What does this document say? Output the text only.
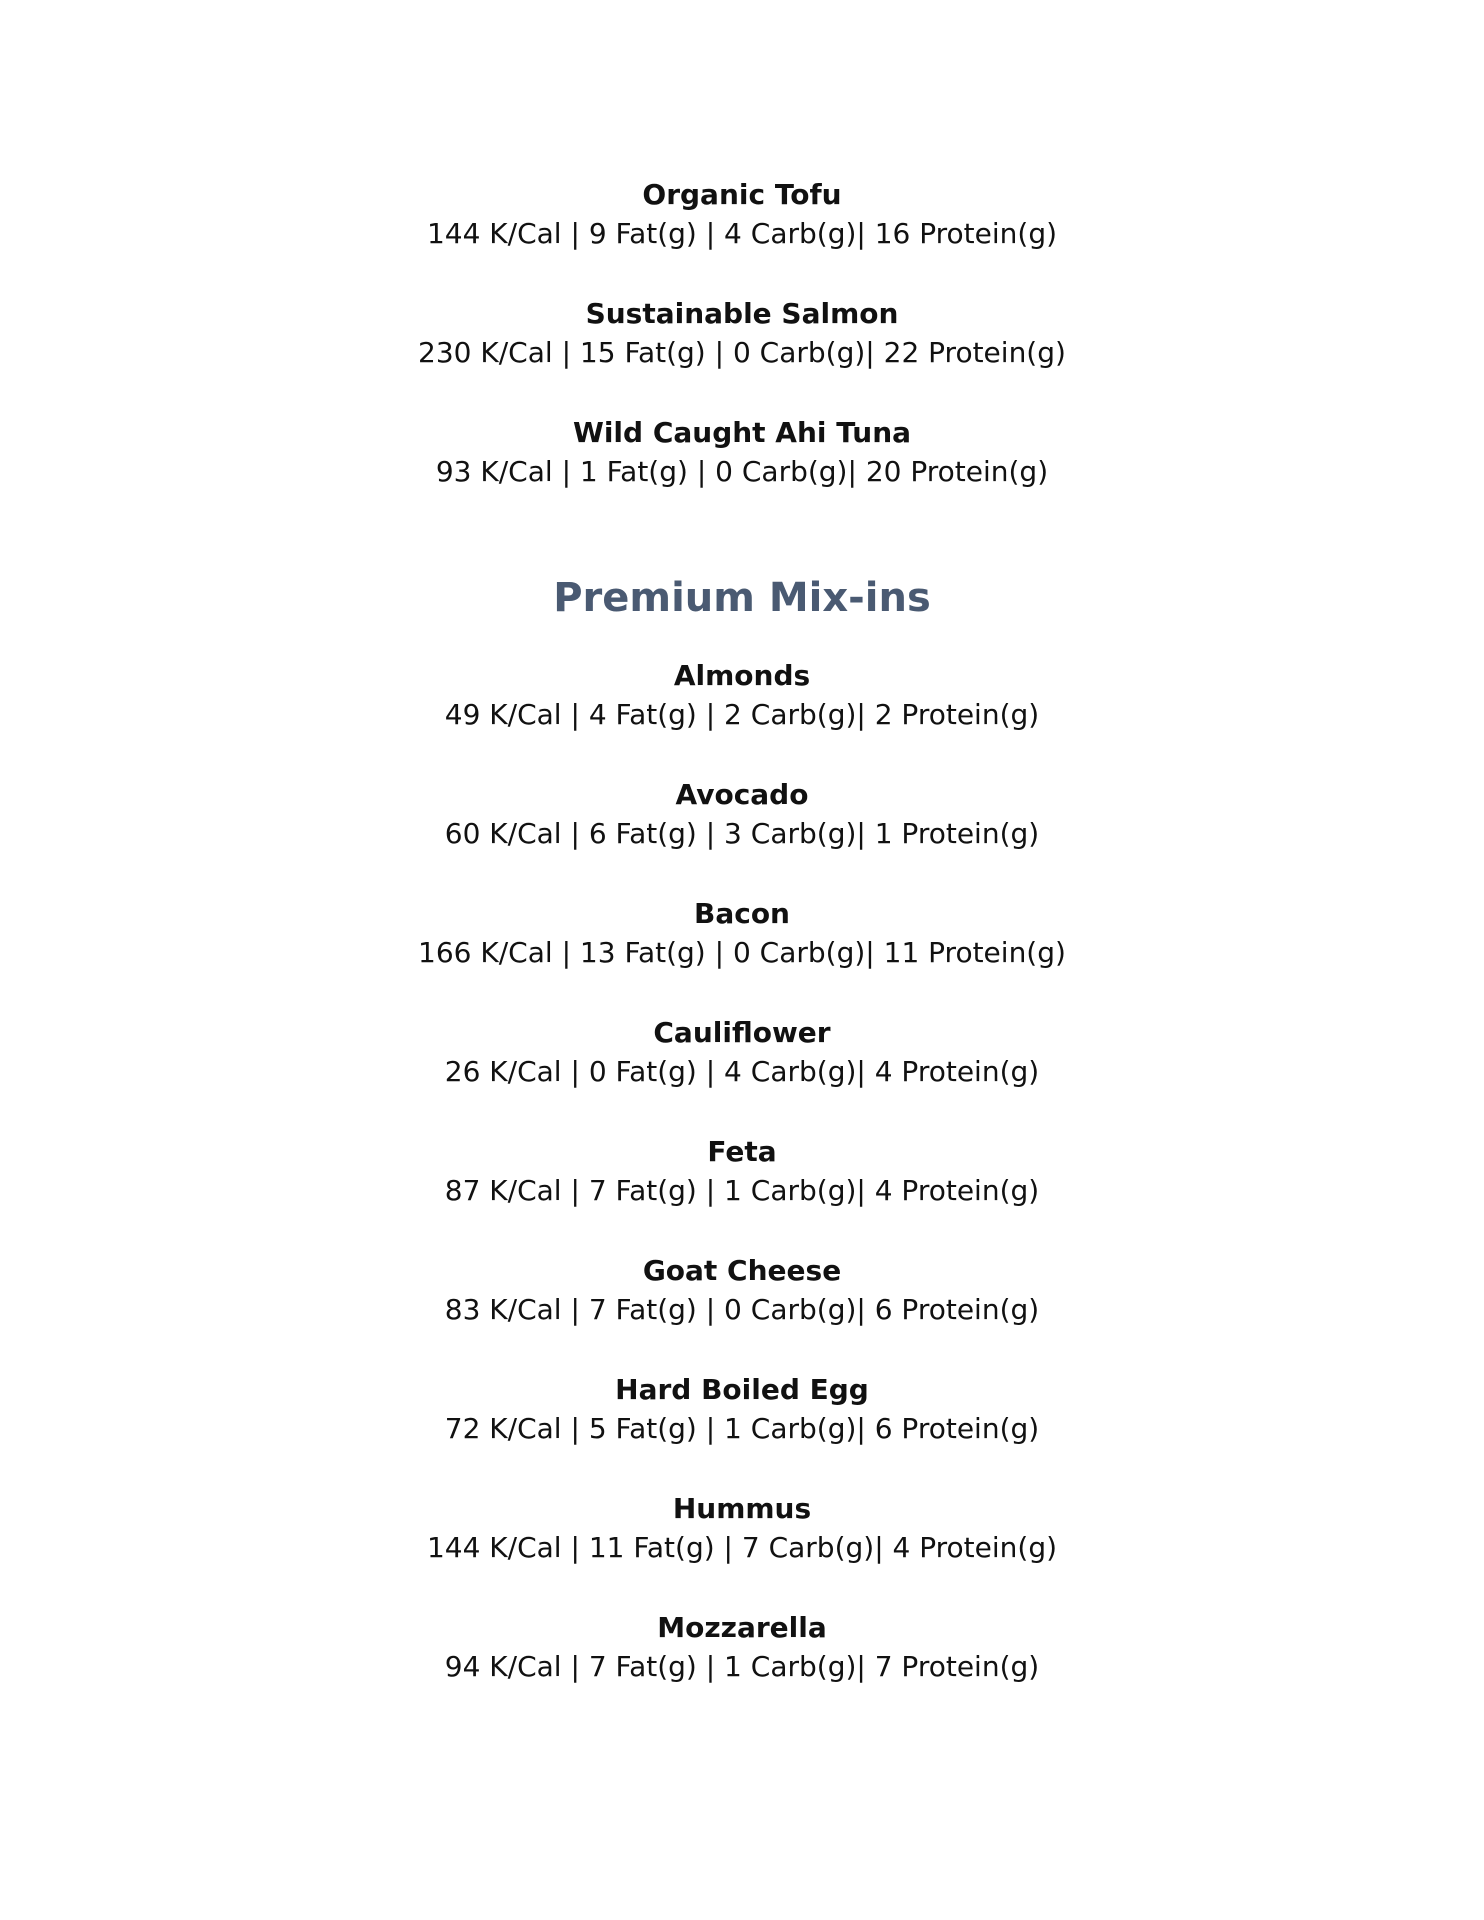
Organic Tofu
144 K/Cal | 9 Fat(g) | 4 Carb(g)| 16 Protein(g)
Sustainable Salmon
230 K/Cal | 15 Fat(g) | 0 Carb(g)| 22 Protein(g)
Wild Caught Ahi Tuna
93 K/Cal | 1 Fat(g) | 0 Carb(g)| 20 Protein(g)
Premium Mix-ins
Almonds
49 K/Cal | 4 Fat(g) | 2 Carb(g)| 2 Protein(g)
Avocado
60 K/Cal | 6 Fat(g) | 3 Carb(g)| 1 Protein(g)
Bacon
166 K/Cal | 13 Fat(g) | 0 Carb(g)| 11 Protein(g)
Cauliflower
26 K/Cal | 0 Fat(g) | 4 Carb(g)| 4 Protein(g)
Feta
87 K/Cal | 7 Fat(g) | 1 Carb(g)| 4 Protein(g)
Goat Cheese
83 K/Cal | 7 Fat(g) | 0 Carb(g)| 6 Protein(g)
Hard Boiled Egg
72 K/Cal | 5 Fat(g) | 1 Carb(g)| 6 Protein(g)
Hummus
144 K/Cal | 11 Fat(g) | 7 Carb(g)| 4 Protein(g)
Mozzarella
94 K/Cal | 7 Fat(g) | 1 Carb(g)| 7 Protein(g)
